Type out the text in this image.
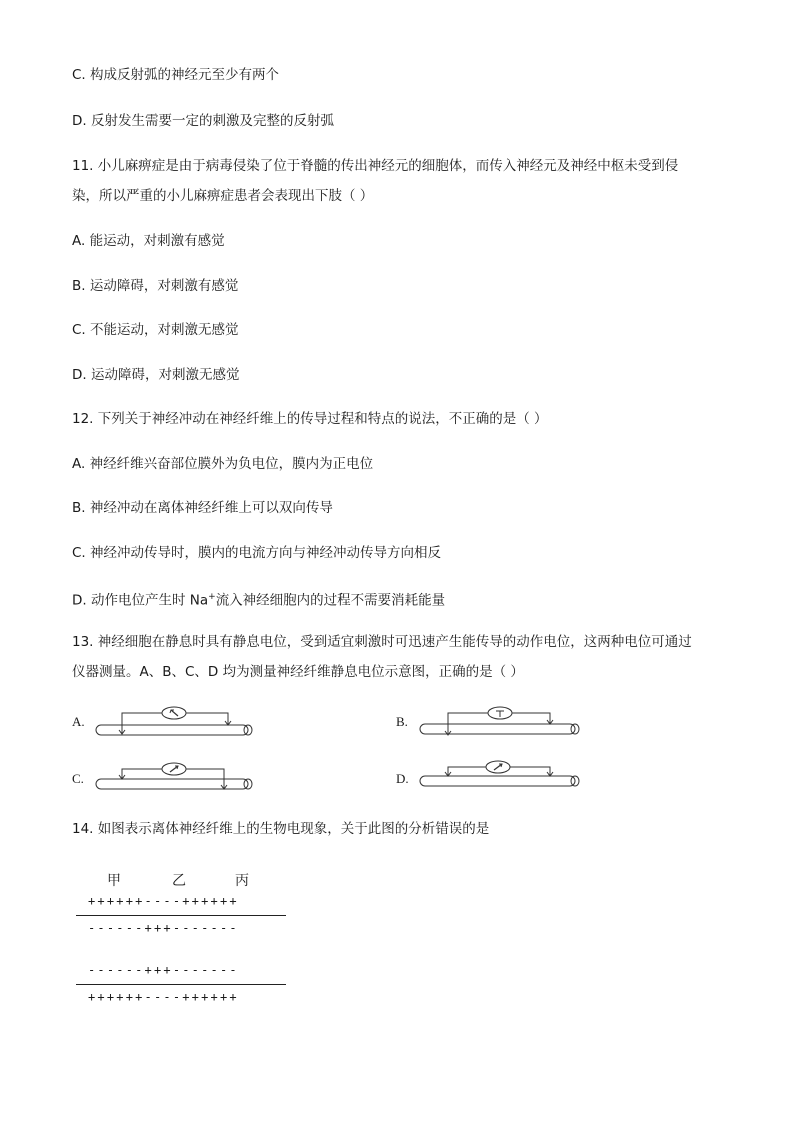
C. 构成反射弧的神经元至少有两个
D. 反射发生需要一定的刺激及完整的反射弧
11. 小儿麻痹症是由于病毒侵染了位于脊髓的传出神经元的细胞体，而传入神经元及神经中枢未受到侵
染，所以严重的小儿麻痹症患者会表现出下肢（ ）
A. 能运动，对刺激有感觉
B. 运动障碍，对刺激有感觉
C. 不能运动，对刺激无感觉
D. 运动障碍，对刺激无感觉
12. 下列关于神经冲动在神经纤维上的传导过程和特点的说法，不正确的是（ ）
A. 神经纤维兴奋部位膜外为负电位，膜内为正电位
B. 神经冲动在离体神经纤维上可以双向传导
C. 神经冲动传导时，膜内的电流方向与神经冲动传导方向相反
D. 动作电位产生时 Na+流入神经细胞内的过程不需要消耗能量
13. 神经细胞在静息时具有静息电位，受到适宜刺激时可迅速产生能传导的动作电位，这两种电位可通过
仪器测量。A、B、C、D 均为测量神经纤维静息电位示意图，正确的是（ ）
A.	B.
C.	D.
14. 如图表示离体神经纤维上的生物电现象，关于此图的分析错误的是
甲	乙	丙
++++++----++++++
------+++-------
------+++-------
++++++----++++++
